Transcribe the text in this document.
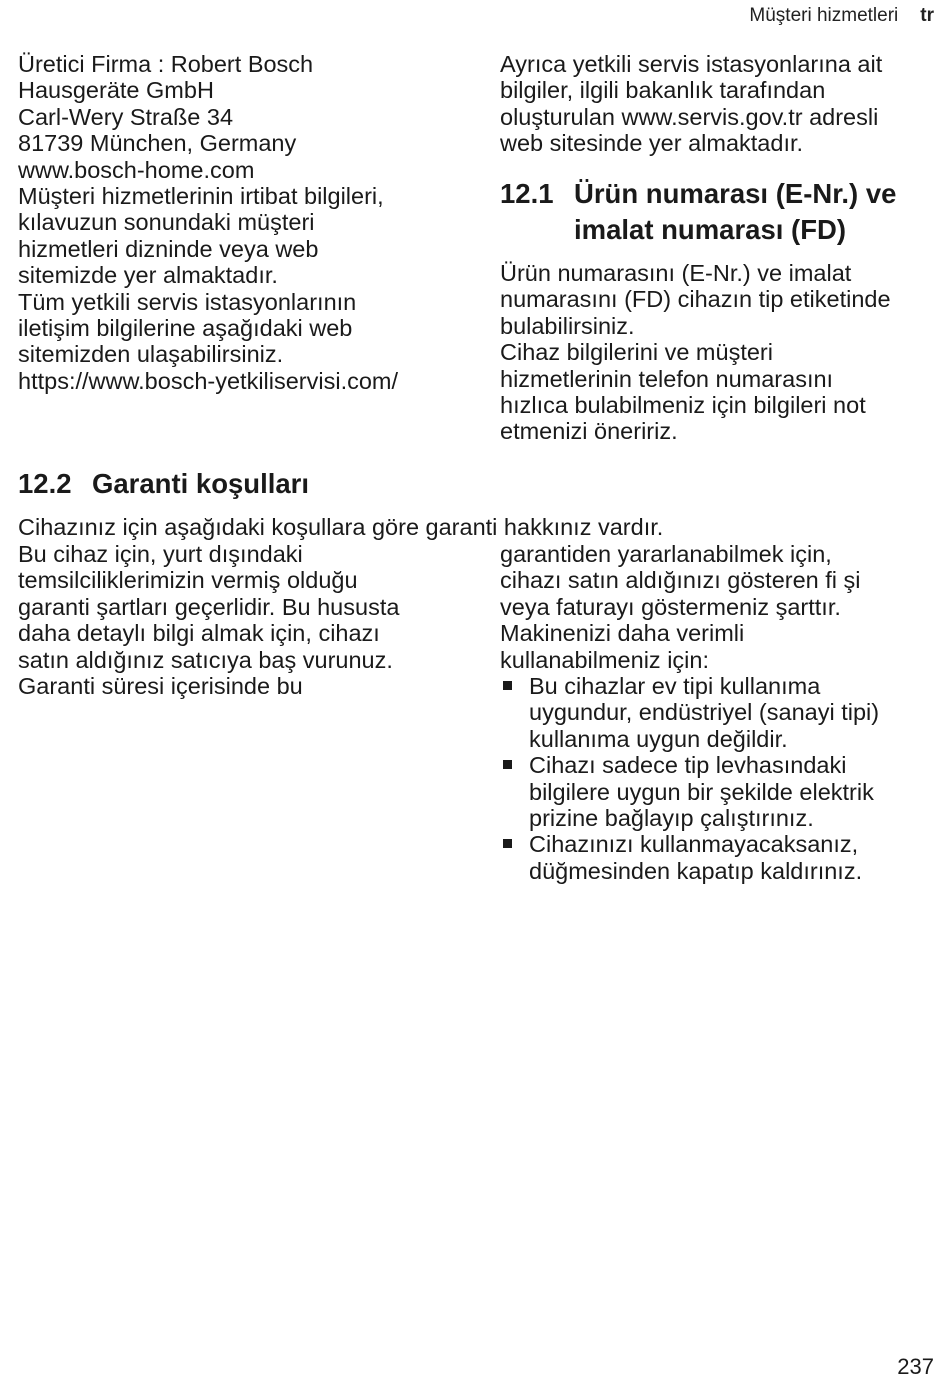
Müşteri hizmetleri tr
Üretici Firma : Robert Bosch
Hausgeräte GmbH
Carl-Wery Straße 34
81739 München, Germany
www.bosch-home.com
Müşteri hizmetlerinin irtibat bilgileri,
kılavuzun sonundaki müşteri
hizmetleri dizninde veya web
sitemizde yer almaktadır.
Tüm yetkili servis istasyonlarının
iletişim bilgilerine aşağıdaki web
sitemizden ulaşabilirsiniz.
https://www.bosch-yetkiliservisi.com/
Ayrıca yetkili servis istasyonlarına ait
bilgiler, ilgili bakanlık tarafından
oluşturulan www.servis.gov.tr adresli
web sitesinde yer almaktadır.
12.1 Ürün numarası (E-Nr.) ve
imalat numarası (FD)
Ürün numarasını (E-Nr.) ve imalat
numarasını (FD) cihazın tip etiketinde
bulabilirsiniz.
Cihaz bilgilerini ve müşteri
hizmetlerinin telefon numarasını
hızlıca bulabilmeniz için bilgileri not
etmenizi öneririz.
12.2 Garanti koşulları
Cihazınız için aşağıdaki koşullara göre garanti hakkınız vardır.
Bu cihaz için, yurt dışındaki
temsilciliklerimizin vermiş olduğu
garanti şartları geçerlidir. Bu hususta
daha detaylı bilgi almak için, cihazı
satın aldığınız satıcıya baş vurunuz.
Garanti süresi içerisinde bu
garantiden yararlanabilmek için,
cihazı satın aldığınızı gösteren fi şi
veya faturayı göstermeniz şarttır.
Makinenizi daha verimli
kullanabilmeniz için:
Bu cihazlar ev tipi kullanıma
uygundur, endüstriyel (sanayi tipi)
kullanıma uygun değildir.
Cihazı sadece tip levhasındaki
bilgilere uygun bir şekilde elektrik
prizine bağlayıp çalıştırınız.
Cihazınızı kullanmayacaksanız,
düğmesinden kapatıp kaldırınız.
237
